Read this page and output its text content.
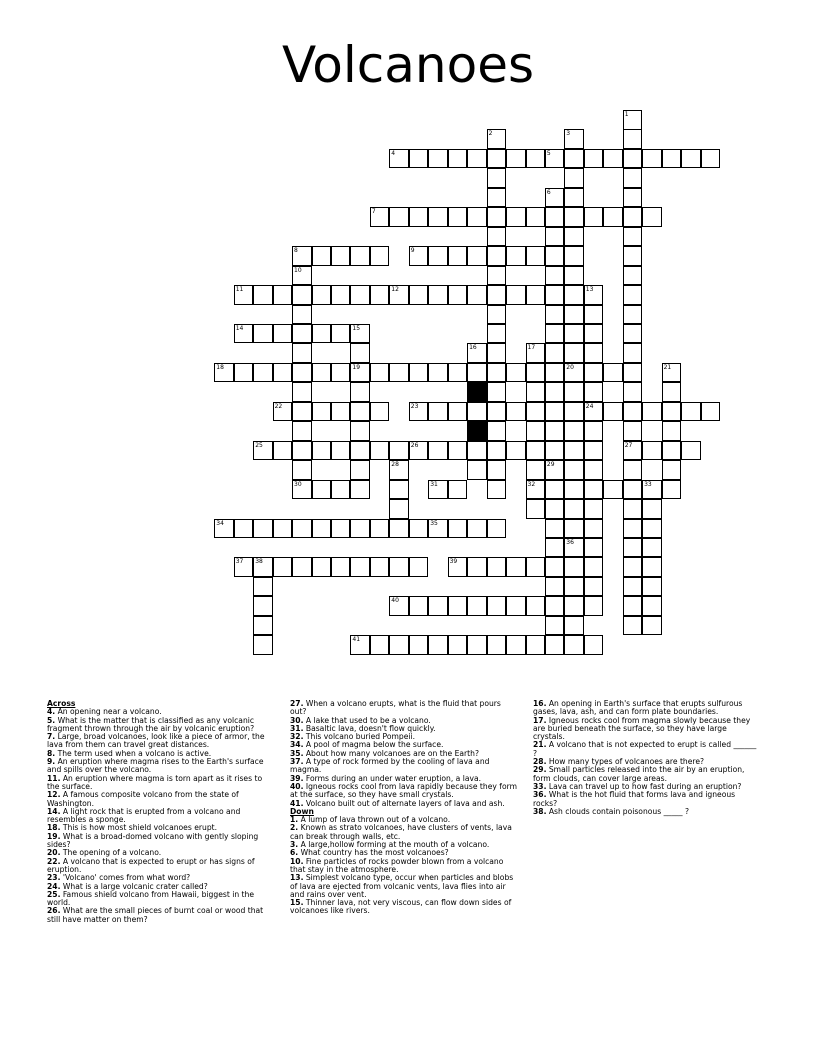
Volcanoes
1
27
2	3
20
36
4	5
6
29
7
8	9
10
11	12	13
24
14	15
19
16	17
32
18	21
22	23
25	26
28
30	31	33
34	35
37 38	39
40
41
Across

4. An opening near a volcano.

5. What is the matter that is classified as any volcanic fragment thrown through the air by volcanic eruption?

7. Large, broad volcanoes, look like a piece of armor, the lava from them can travel great distances.

8. The term used when a volcano is active.

9. An eruption where magma rises to the Earth's surface and spills over the volcano.

11. An eruption where magma is torn apart as it rises to the surface.

12. A famous composite volcano from the state of Washington.

14. A light rock that is erupted from a volcano and resembles a sponge.

18. This is how most shield volcanoes erupt.

19. What is a broad-domed volcano with gently sloping sides?

20. The opening of a volcano.

22. A volcano that is expected to erupt or has signs of eruption.

23. 'Volcano' comes from what word?

24. What is a large volcanic crater called?

25. Famous shield volcano from Hawaii, biggest in the world.

26. What are the small pieces of burnt coal or wood that still have matter on them?

27. When a volcano erupts, what is the fluid that pours out?

30. A lake that used to be a volcano.

31. Basaltic lava, doesn't flow quickly.

32. This volcano buried Pompeii.

34. A pool of magma below the surface.

35. About how many volcanoes are on the Earth?

37. A type of rock formed by the cooling of lava and magma.

39. Forms during an under water eruption, a lava.

40. Igneous rocks cool from lava rapidly because they form at the surface, so they have small crystals.

41. Volcano built out of alternate layers of lava and ash.

Down

1. A lump of lava thrown out of a volcano.

2. Known as strato volcanoes, have clusters of vents, lava can break through walls, etc.

3. A large,hollow forming at the mouth of a volcano.

6. What country has the most volcanoes?

10. Fine particles of rocks powder blown from a volcano that stay in the atmosphere.

13. Simplest volcano type, occur when particles and blobs of lava are ejected from volcanic vents, lava flies into air and rains over vent.

15. Thinner lava, not very viscous, can flow down sides of volcanoes like rivers.

16. An opening in Earth's surface that erupts sulfurous gases, lava, ash, and can form plate boundaries.

17. Igneous rocks cool from magma slowly because they are buried beneath the surface, so they have large crystals.

21. A volcano that is not expected to erupt is called ______ ?

28. How many types of volcanoes are there?

29. Small particles released into the air by an eruption, form clouds, can cover large areas.

33. Lava can travel up to how fast during an eruption?

36. What is the hot fluid that forms lava and igneous rocks?

38. Ash clouds contain poisonous _____ ?
